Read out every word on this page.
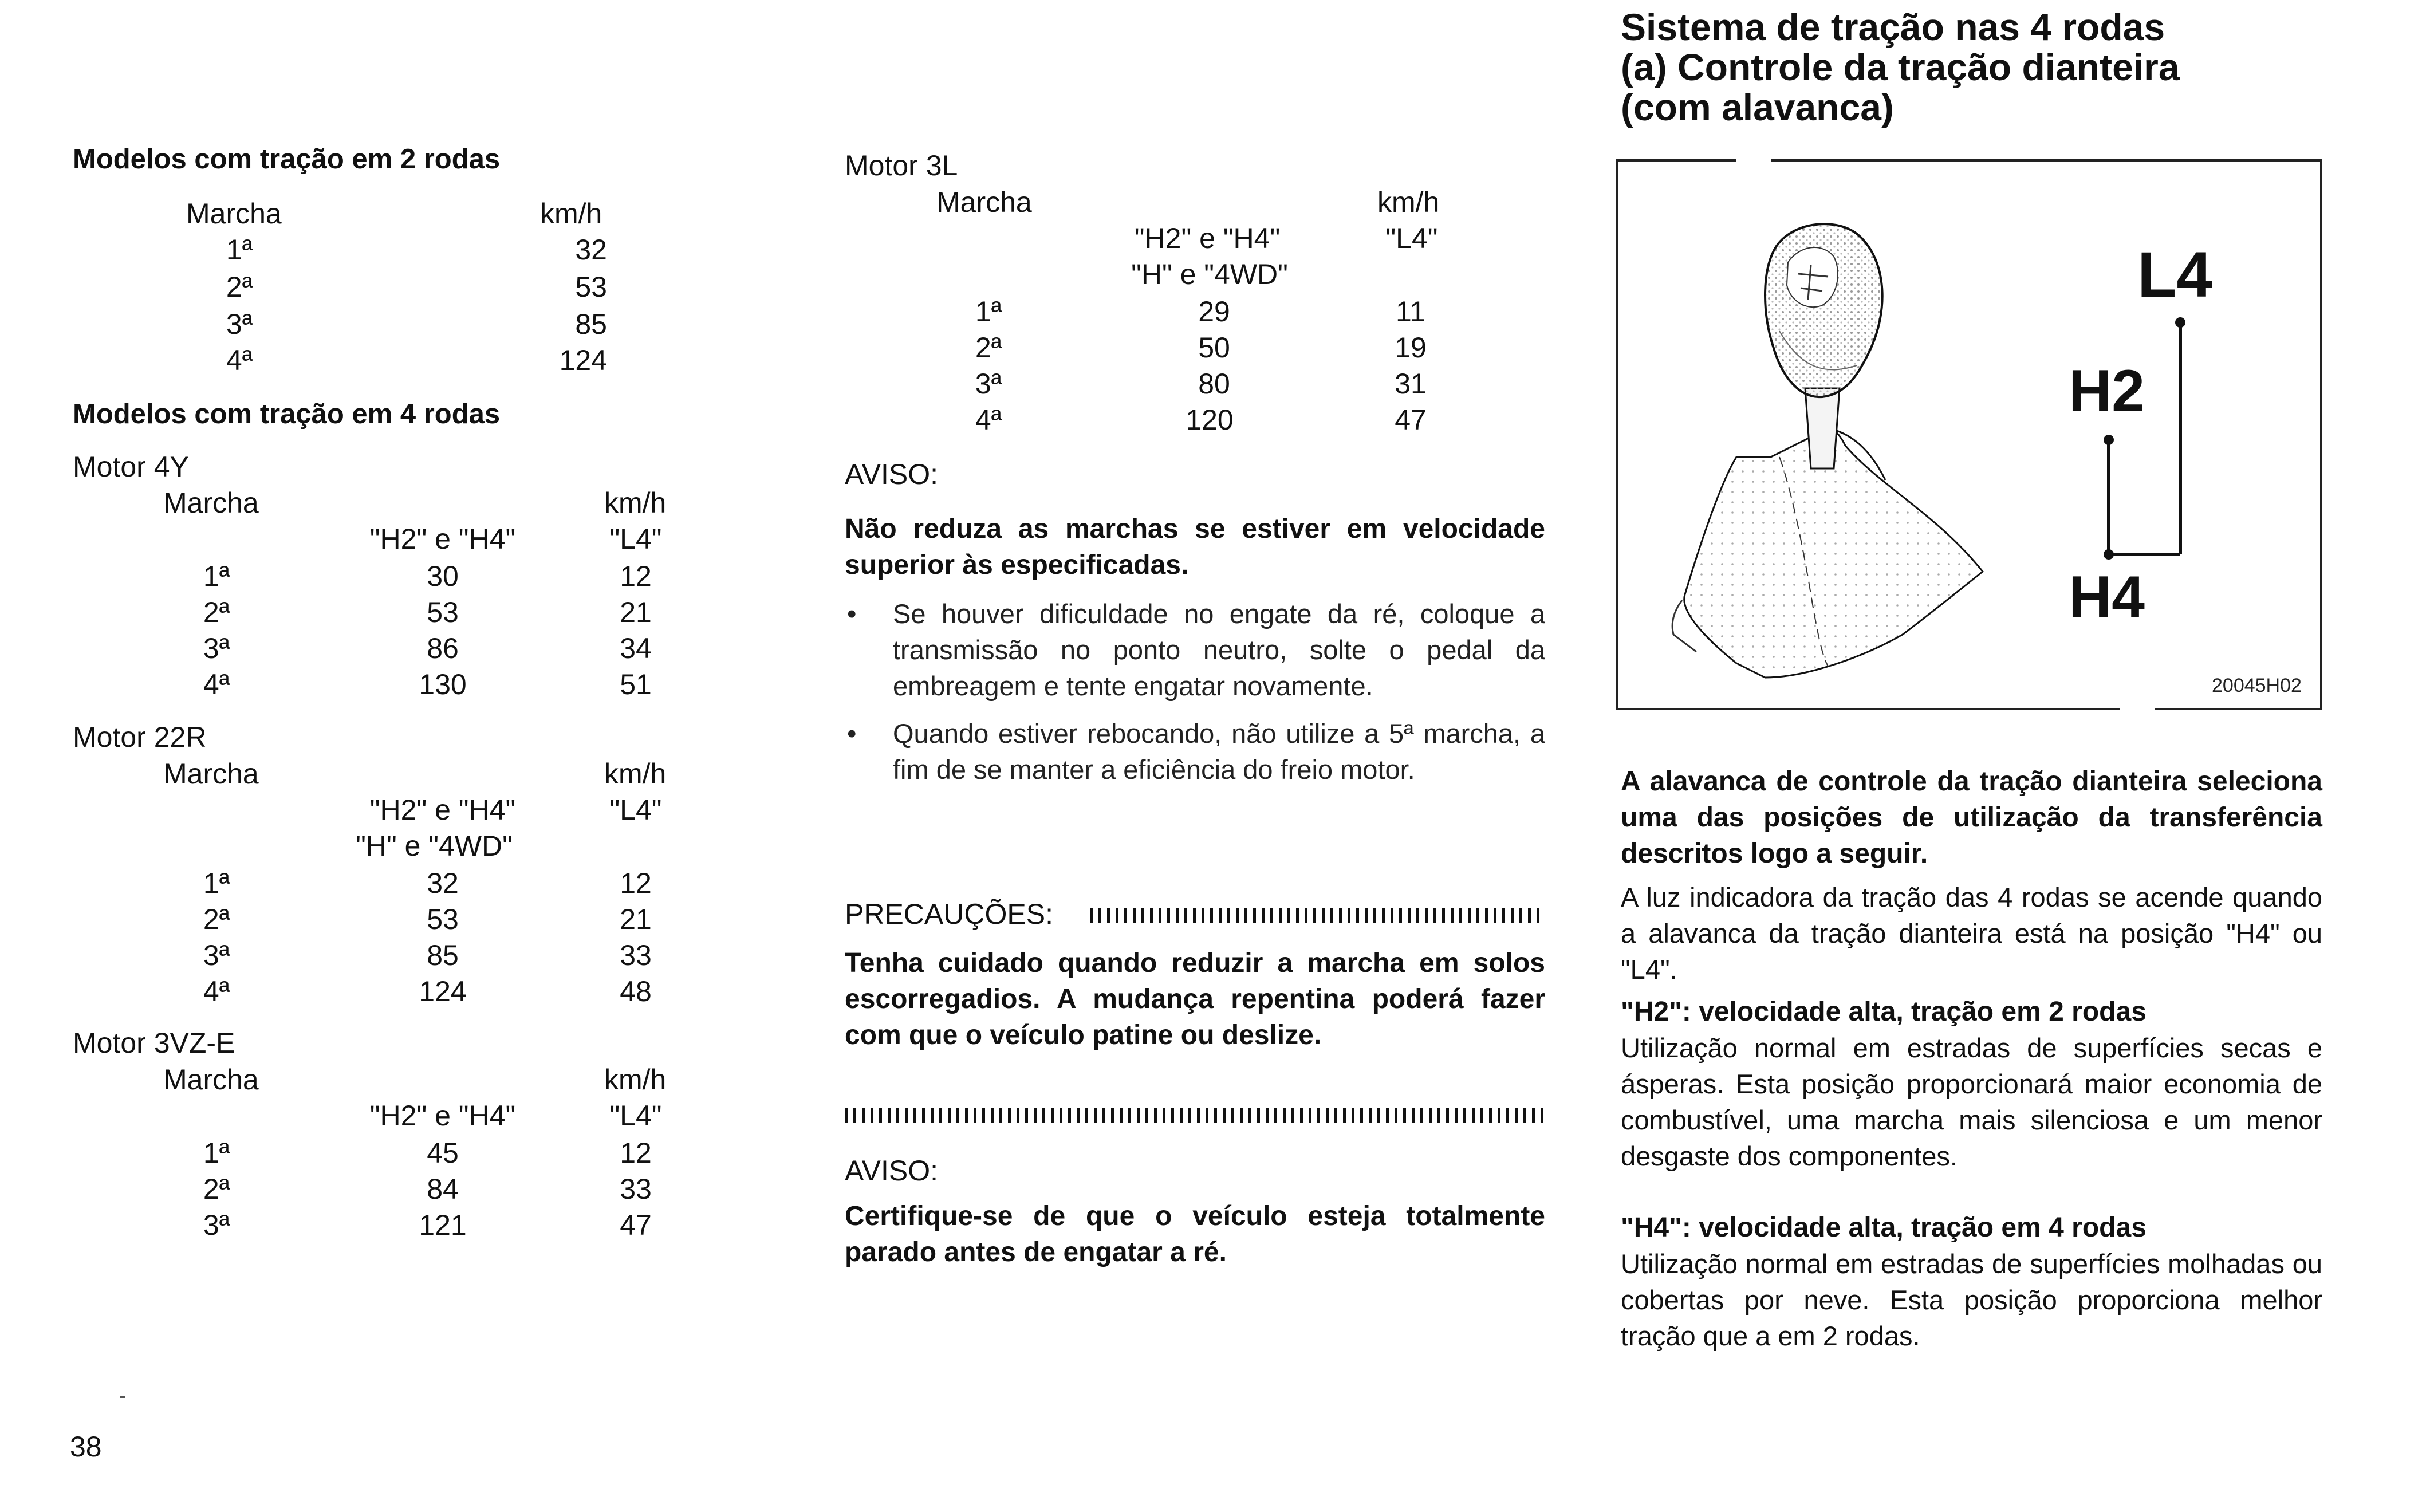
Modelos com tração em 2 rodas
Marcha	km/h
1ª	32
2ª	53
3ª	85
4ª	124
Modelos com tração em 4 rodas
Motor 4Y
Marcha	km/h
"H2" e "H4"	"L4"
1ª	30	12
2ª	53	21
3ª	86	34
4ª	130	51
Motor 22R
Marcha	km/h
"H2" e "H4"	"L4"
"H" e "4WD"
1ª	32	12
2ª	53	21
3ª	85	33
4ª	124	48
Motor 3VZ-E
Marcha	km/h
"H2" e "H4"	"L4"
1ª	45	12
2ª	84	33
3ª	121	47
38
Motor 3L
Marcha	km/h
"H2" e "H4"	"L4"
"H" e "4WD"
1ª	29	11
2ª	50	19
3ª	80	31
4ª	120	47
AVISO:
Não reduza as marchas se estiver em velocidade superior às especificadas.
• Se houver dificuldade no engate da ré, coloque a transmissão no ponto neutro, solte o pedal da embreagem e tente engatar novamente.
• Quando estiver rebocando, não utilize a 5ª marcha, a fim de se manter a eficiência do freio motor.
PRECAUÇÕES:
Tenha cuidado quando reduzir a marcha em solos escorregadios. A mudança repentina poderá fazer com que o veículo patine ou deslize.
AVISO:
Certifique-se de que o veículo esteja totalmente parado antes de engatar a ré.
Sistema de tração nas 4 rodas
(a) Controle da tração dianteira
(com alavanca)
L4
H2
H4
20045H02
A alavanca de controle da tração dianteira seleciona uma das posições de utilização da transferência descritos logo a seguir.
A luz indicadora da tração das 4 rodas se acende quando a alavanca da tração dianteira está na posição "H4" ou "L4".
"H2": velocidade alta, tração em 2 rodas
Utilização normal em estradas de superfícies secas e ásperas. Esta posição proporcionará maior economia de combustível, uma marcha mais silenciosa e um menor desgaste dos componentes.
"H4": velocidade alta, tração em 4 rodas
Utilização normal em estradas de superfícies molhadas ou cobertas por neve. Esta posição proporciona melhor tração que a em 2 rodas.
